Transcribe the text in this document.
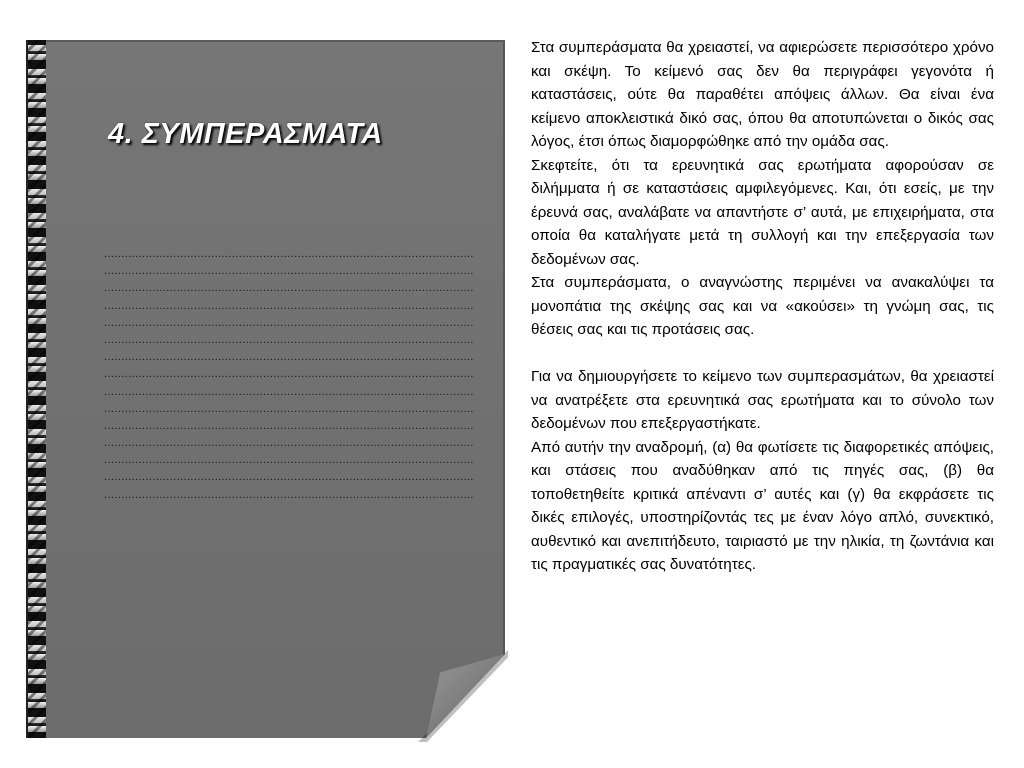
4. ΣΥΜΠΕΡΑΣΜΑΤΑ
...........................................................................................................
...........................................................................................................
...........................................................................................................
...........................................................................................................
...........................................................................................................
...........................................................................................................
...........................................................................................................
...........................................................................................................
...........................................................................................................
...........................................................................................................
...........................................................................................................
...........................................................................................................
...........................................................................................................
...........................................................................................................
...........................................................................................................

Στα συμπεράσματα θα χρειαστεί, να αφιερώσετε περισσότερο χρόνο και σκέψη. Το κείμενό σας δεν θα περιγράφει γεγονότα ή καταστάσεις, ούτε θα παραθέτει απόψεις άλλων. Θα είναι ένα κείμενο αποκλειστικά δικό σας, όπου θα αποτυπώνεται ο δικός σας λόγος, έτσι όπως διαμορφώθηκε από την ομάδα σας.

Σκεφτείτε, ότι τα ερευνητικά σας ερωτήματα αφορούσαν σε διλήμματα ή σε καταστάσεις αμφιλεγόμενες. Και, ότι εσείς, με την έρευνά σας, αναλάβατε να απαντήστε σ’ αυτά, με επιχειρήματα, στα οποία θα καταλήγατε μετά τη συλλογή και την επεξεργασία των δεδομένων σας.

Στα συμπεράσματα, ο αναγνώστης περιμένει να ανακαλύψει τα μονοπάτια της σκέψης σας και να «ακούσει» τη γνώμη σας, τις θέσεις σας και τις προτάσεις σας.

Για να δημιουργήσετε το κείμενο των συμπερασμάτων, θα χρειαστεί να ανατρέξετε στα ερευνητικά σας ερωτήματα και το σύνολο των δεδομένων που επεξεργαστήκατε.

Από αυτήν την αναδρομή, (α) θα φωτίσετε τις διαφορετικές απόψεις, και στάσεις που αναδύθηκαν από τις πηγές σας, (β) θα τοποθετηθείτε κριτικά απέναντι σ’ αυτές και (γ) θα εκφράσετε τις δικές επιλογές, υποστηρίζοντάς τες με έναν λόγο απλό, συνεκτικό, αυθεντικό και ανεπιτήδευτο, ταιριαστό με την ηλικία, τη ζωντάνια και τις πραγματικές σας δυνατότητες.
